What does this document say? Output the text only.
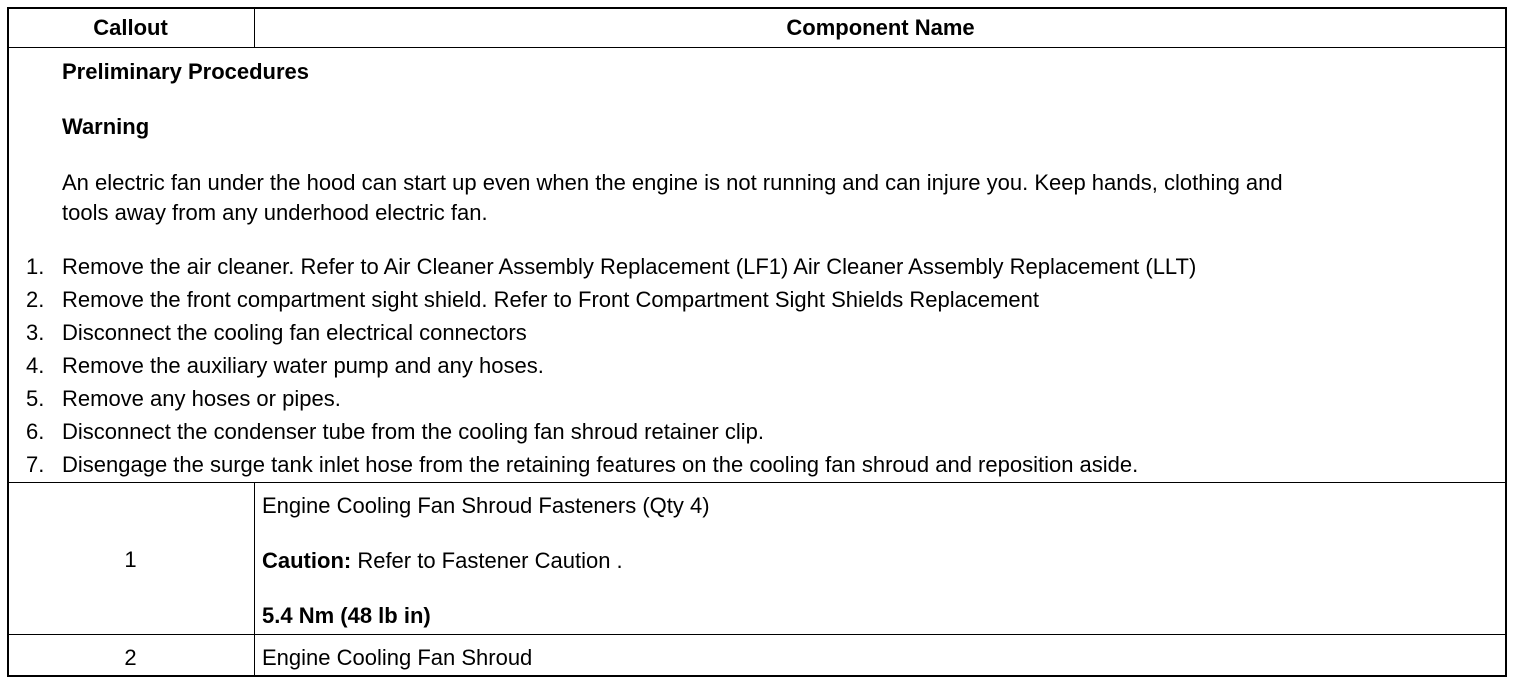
Callout	Component Name
Preliminary Procedures
Warning
An electric fan under the hood can start up even when the engine is not running and can injure you. Keep hands, clothing and
tools away from any underhood electric fan.
1. Remove the air cleaner. Refer to Air Cleaner Assembly Replacement (LF1) Air Cleaner Assembly Replacement (LLT)
2. Remove the front compartment sight shield. Refer to Front Compartment Sight Shields Replacement
3. Disconnect the cooling fan electrical connectors
4. Remove the auxiliary water pump and any hoses.
5. Remove any hoses or pipes.
6. Disconnect the condenser tube from the cooling fan shroud retainer clip.
7. Disengage the surge tank inlet hose from the retaining features on the cooling fan shroud and reposition aside.
1
Engine Cooling Fan Shroud Fasteners (Qty 4)
Caution: Refer to Fastener Caution .
5.4 Nm (48 lb in)
2	Engine Cooling Fan Shroud
